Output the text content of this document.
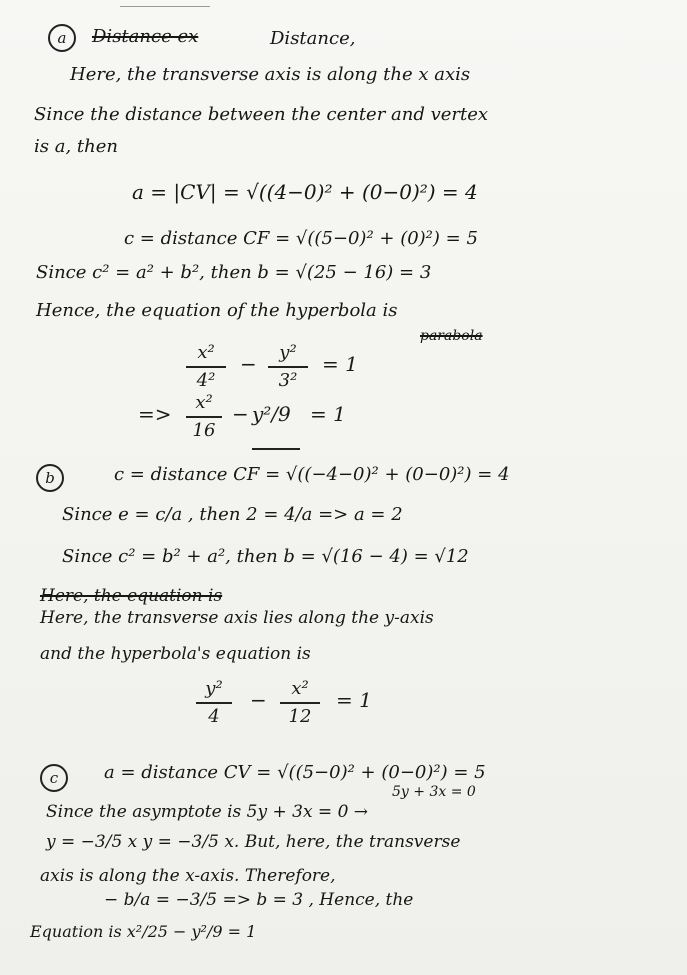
a	Distance ex	Distance,
Here, the transverse axis is along the x axis
Since the distance between the center and vertex
is a, then
a = |CV| = √((4−0)² + (0−0)²) = 4
c = distance CF = √((5−0)² + (0)²) = 5
Since c² = a² + b², then b = √(25 − 16) = 3
Hence, the equation of the hyperbola is
parabola
x²
4²
−	y²
3²
= 1
=>	x²
16
− y²/9 = 1
b	c = distance CF = √((−4−0)² + (0−0)²) = 4
Since e = c/a , then 2 = 4/a => a = 2
Since c² = b² + a², then b = √(16 − 4) = √12
Here, the equation is
Here, the transverse axis lies along the y-axis
and the hyperbola's equation is
y²
4
−	x²
12
= 1
c	a = distance CV = √((5−0)² + (0−0)²) = 5
5y + 3x = 0
Since the asymptote is 5y + 3x = 0 →
y = −3/5 x y = −3/5 x. But, here, the transverse
axis is along the x-axis. Therefore,
− b/a = −3/5 => b = 3 , Hence, the
Equation is x²/25 − y²/9 = 1
